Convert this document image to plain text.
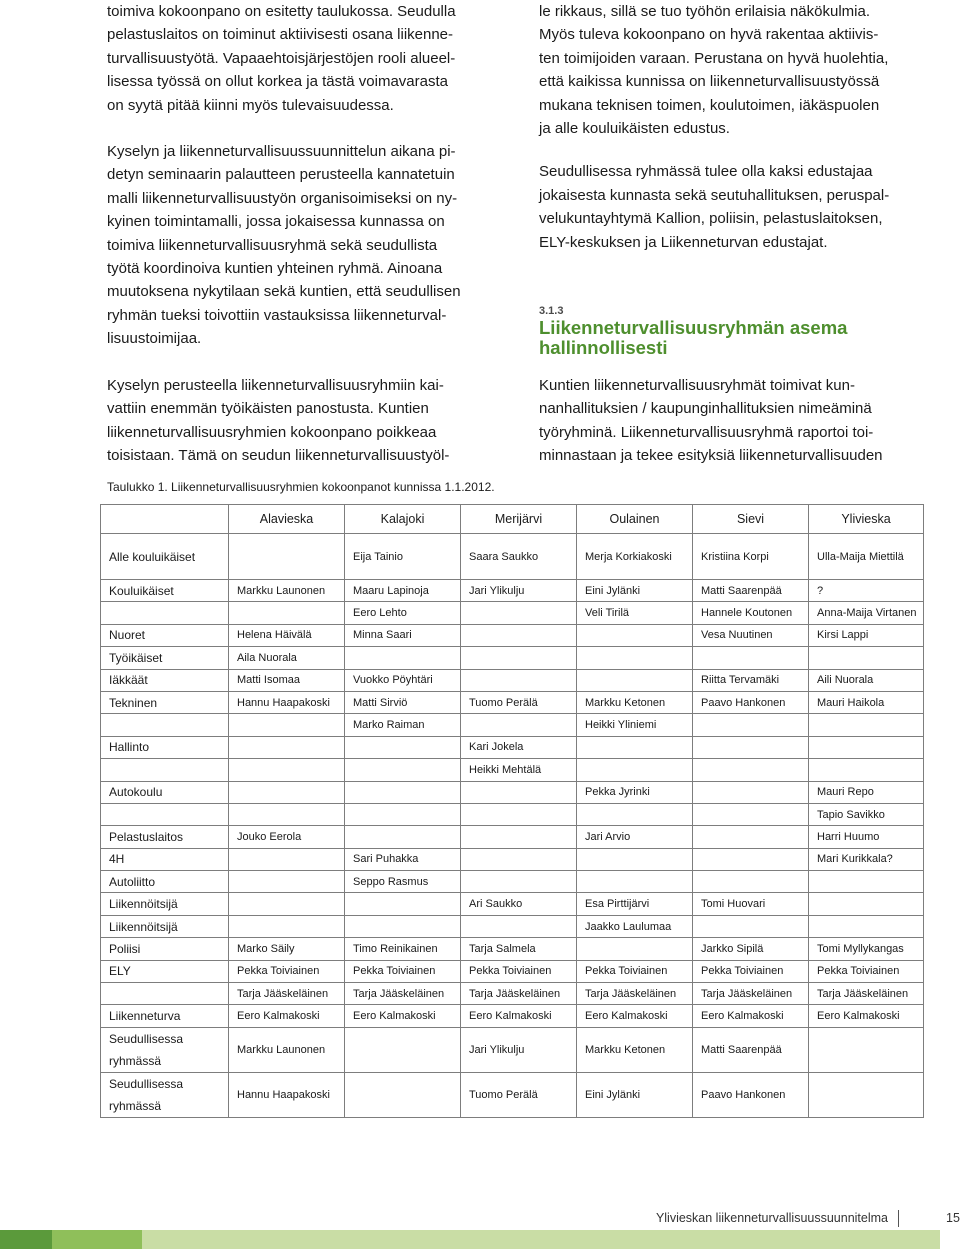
toimiva kokoonpano on esitetty taulukossa. Seudulla

pelastuslaitos on toiminut aktiivisesti osana liikenne-

turvallisuustyötä. Vapaaehtoisjärjestöjen rooli alueel-

lisessa työssä on ollut korkea ja tästä voimavarasta

on syytä pitää kiinni myös tulevaisuudessa.

Kyselyn ja liikenneturvallisuussuunnittelun aikana pi-

detyn seminaarin palautteen perusteella kannatetuin

malli liikenneturvallisuustyön organisoimiseksi on ny-

kyinen toimintamalli, jossa jokaisessa kunnassa on

toimiva liikenneturvallisuusryhmä sekä seudullista

työtä koordinoiva kuntien yhteinen ryhmä. Ainoana

muutoksena nykytilaan sekä kuntien, että seudullisen

ryhmän tueksi toivottiin vastauksissa liikenneturval-

lisuustoimijaa.

Kyselyn perusteella liikenneturvallisuusryhmiin kai-

vattiin enemmän työikäisten panostusta. Kuntien

liikenneturvallisuusryhmien kokoonpano poikkeaa

toisistaan. Tämä on seudun liikenneturvallisuustyöl-

le rikkaus, sillä se tuo työhön erilaisia näkökulmia.

Myös tuleva kokoonpano on hyvä rakentaa aktiivis-

ten toimijoiden varaan. Perustana on hyvä huolehtia,

että kaikissa kunnissa on liikenneturvallisuustyössä

mukana teknisen toimen, koulutoimen, iäkäspuolen

ja alle kouluikäisten edustus.

Seudullisessa ryhmässä tulee olla kaksi edustajaa

jokaisesta kunnasta sekä seutuhallituksen, peruspal-

velukuntayhtymä Kallion, poliisin, pelastuslaitoksen,

ELY-keskuksen ja Liikenneturvan edustajat.

3.1.3
Liikenneturvallisuusryhmän asema
hallinnollisesti

Kuntien liikenneturvallisuusryhmät toimivat kun-

nanhallituksien / kaupunginhallituksien nimeäminä

työryhminä. Liikenneturvallisuusryhmä raportoi toi-

minnastaan ja tekee esityksiä liikenneturvallisuuden

Taulukko 1. Liikenneturvallisuusryhmien kokoonpanot kunnissa 1.1.2012.
	Alavieska	Kalajoki	Merijärvi	Oulainen	Sievi	Ylivieska
Alle kouluikäiset		Eija Tainio	Saara Saukko	Merja Korkiakoski	Kristiina Korpi	Ulla-Maija Miettilä
Kouluikäiset	Markku Launonen	Maaru Lapinoja	Jari Ylikulju	Eini Jylänki	Matti Saarenpää	?
		Eero Lehto		Veli Tirilä	Hannele Koutonen	Anna-Maija Virtanen
Nuoret	Helena Häivälä	Minna Saari			Vesa Nuutinen	Kirsi Lappi
Työikäiset	Aila Nuorala					
Iäkkäät	Matti Isomaa	Vuokko Pöyhtäri			Riitta Tervamäki	Aili Nuorala
Tekninen	Hannu Haapakoski	Matti Sirviö	Tuomo Perälä	Markku Ketonen	Paavo Hankonen	Mauri Haikola
		Marko Raiman		Heikki Yliniemi		
Hallinto			Kari Jokela			
			Heikki Mehtälä			
Autokoulu				Pekka Jyrinki		Mauri Repo
						Tapio Savikko
Pelastuslaitos	Jouko Eerola			Jari Arvio		Harri Huumo
4H		Sari Puhakka				Mari Kurikkala?
Autoliitto		Seppo Rasmus				
Liikennöitsijä			Ari Saukko	Esa Pirttijärvi	Tomi Huovari	
Liikennöitsijä				Jaakko Laulumaa		
Poliisi	Marko Säily	Timo Reinikainen	Tarja Salmela		Jarkko Sipilä	Tomi Myllykangas
ELY	Pekka Toiviainen	Pekka Toiviainen	Pekka Toiviainen	Pekka Toiviainen	Pekka Toiviainen	Pekka Toiviainen
	Tarja Jääskeläinen	Tarja Jääskeläinen	Tarja Jääskeläinen	Tarja Jääskeläinen	Tarja Jääskeläinen	Tarja Jääskeläinen
Liikenneturva	Eero Kalmakoski	Eero Kalmakoski	Eero Kalmakoski	Eero Kalmakoski	Eero Kalmakoski	Eero Kalmakoski
Seudullisessa ryhmässä	Markku Launonen		Jari Ylikulju	Markku Ketonen	Matti Saarenpää	
Seudullisessa ryhmässä	Hannu Haapakoski		Tuomo Perälä	Eini Jylänki	Paavo Hankonen	
Ylivieskan liikenneturvallisuussuunnitelma	15
